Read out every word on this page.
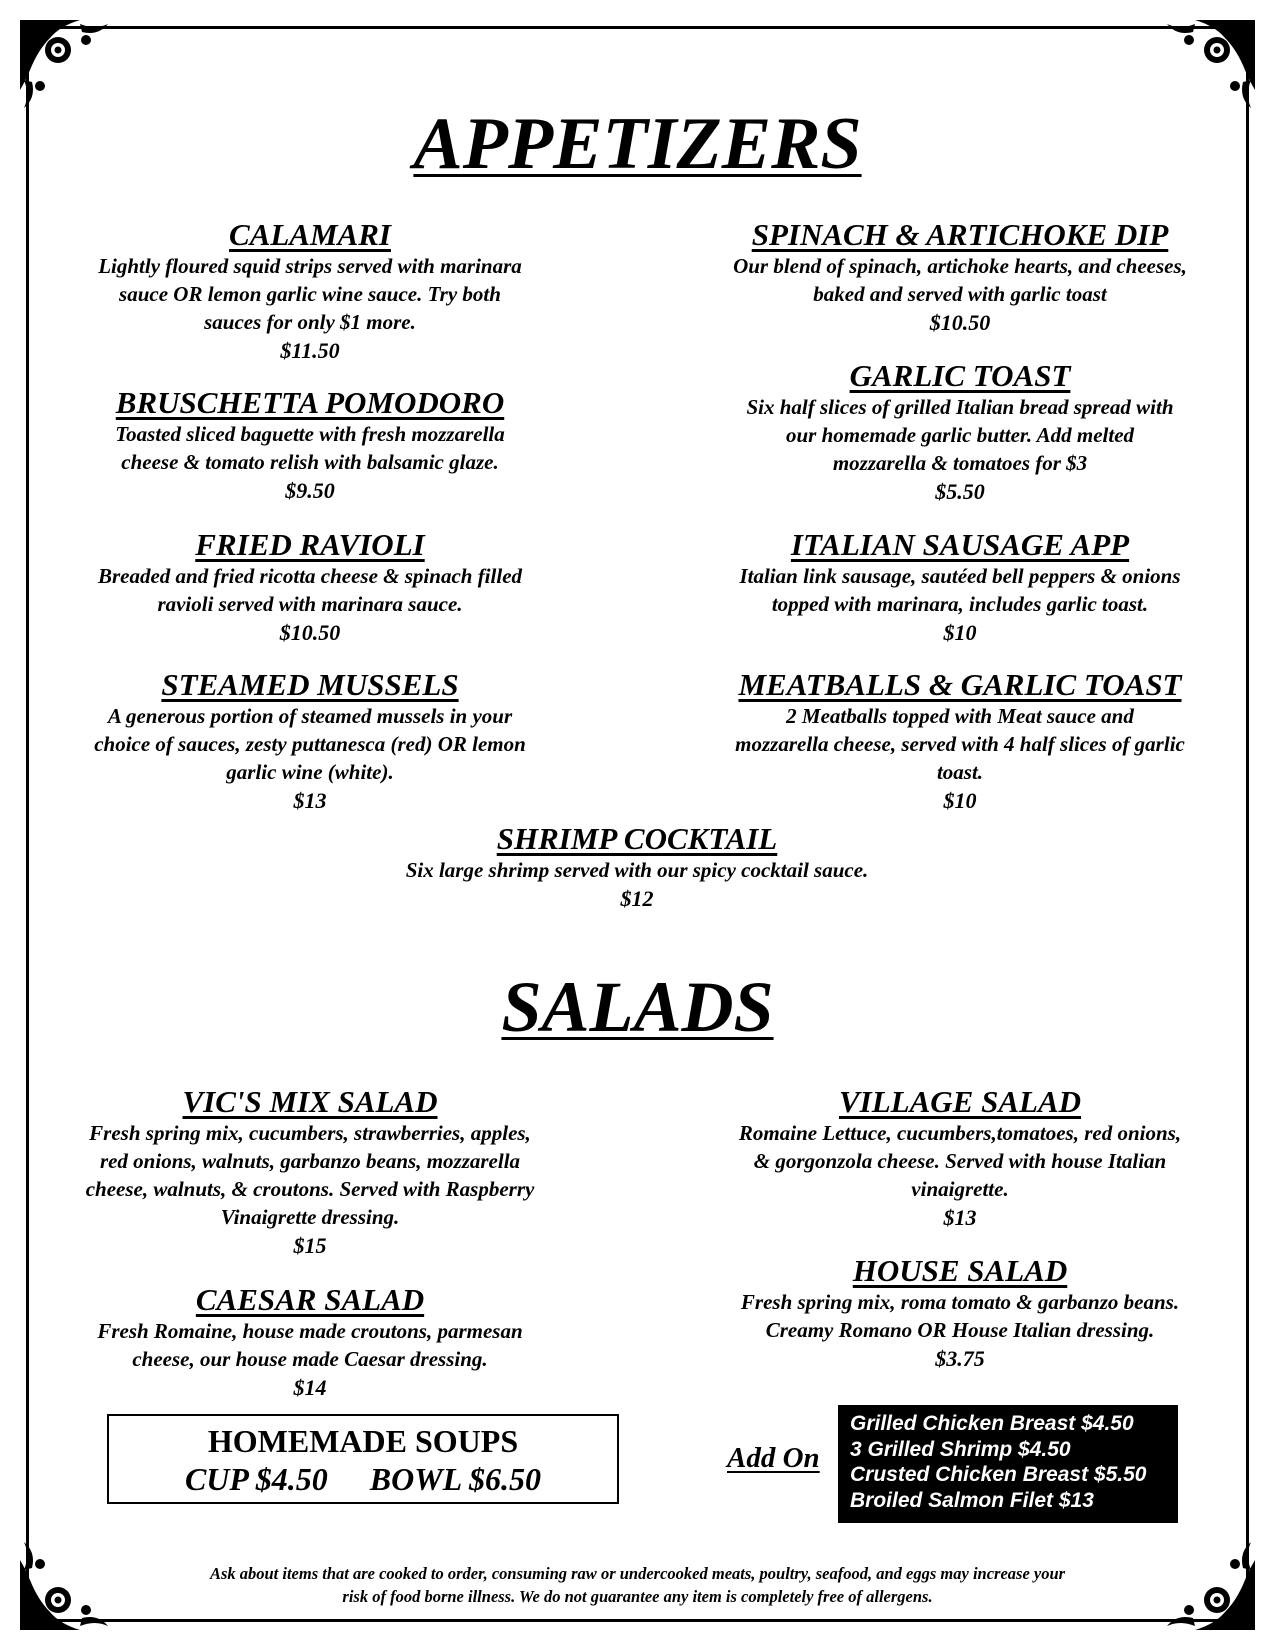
APPETIZERS
CALAMARI
Lightly floured squid strips served with marinara
sauce OR lemon garlic wine sauce. Try both
sauces for only $1 more.
$11.50
SPINACH & ARTICHOKE DIP
Our blend of spinach, artichoke hearts, and cheeses,
baked and served with garlic toast
$10.50
BRUSCHETTA POMODORO
Toasted sliced baguette with fresh mozzarella
cheese & tomato relish with balsamic glaze.
$9.50
GARLIC TOAST
Six half slices of grilled Italian bread spread with
our homemade garlic butter. Add melted
mozzarella & tomatoes for $3
$5.50
FRIED RAVIOLI
Breaded and fried ricotta cheese & spinach filled
ravioli served with marinara sauce.
$10.50
ITALIAN SAUSAGE APP
Italian link sausage, sautéed bell peppers & onions
topped with marinara, includes garlic toast.
$10
STEAMED MUSSELS
A generous portion of steamed mussels in your
choice of sauces, zesty puttanesca (red) OR lemon
garlic wine (white).
$13
MEATBALLS & GARLIC TOAST
2 Meatballs topped with Meat sauce and
mozzarella cheese, served with 4 half slices of garlic
toast.
$10
SHRIMP COCKTAIL
Six large shrimp served with our spicy cocktail sauce.
$12
SALADS
VIC'S MIX SALAD
Fresh spring mix, cucumbers, strawberries, apples,
red onions, walnuts, garbanzo beans, mozzarella
cheese, walnuts, & croutons. Served with Raspberry
Vinaigrette dressing.
$15
VILLAGE SALAD
Romaine Lettuce, cucumbers,tomatoes, red onions,
& gorgonzola cheese. Served with house Italian
vinaigrette.
$13
CAESAR SALAD
Fresh Romaine, house made croutons, parmesan
cheese, our house made Caesar dressing.
$14
HOUSE SALAD
Fresh spring mix, roma tomato & garbanzo beans.
Creamy Romano OR House Italian dressing.
$3.75
HOMEMADE SOUPS
CUP $4.50 BOWL $6.50
Add On
Grilled Chicken Breast $4.50
3 Grilled Shrimp $4.50
Crusted Chicken Breast $5.50
Broiled Salmon Filet $13
Ask about items that are cooked to order, consuming raw or undercooked meats, poultry, seafood, and eggs may increase your
risk of food borne illness. We do not guarantee any item is completely free of allergens.
